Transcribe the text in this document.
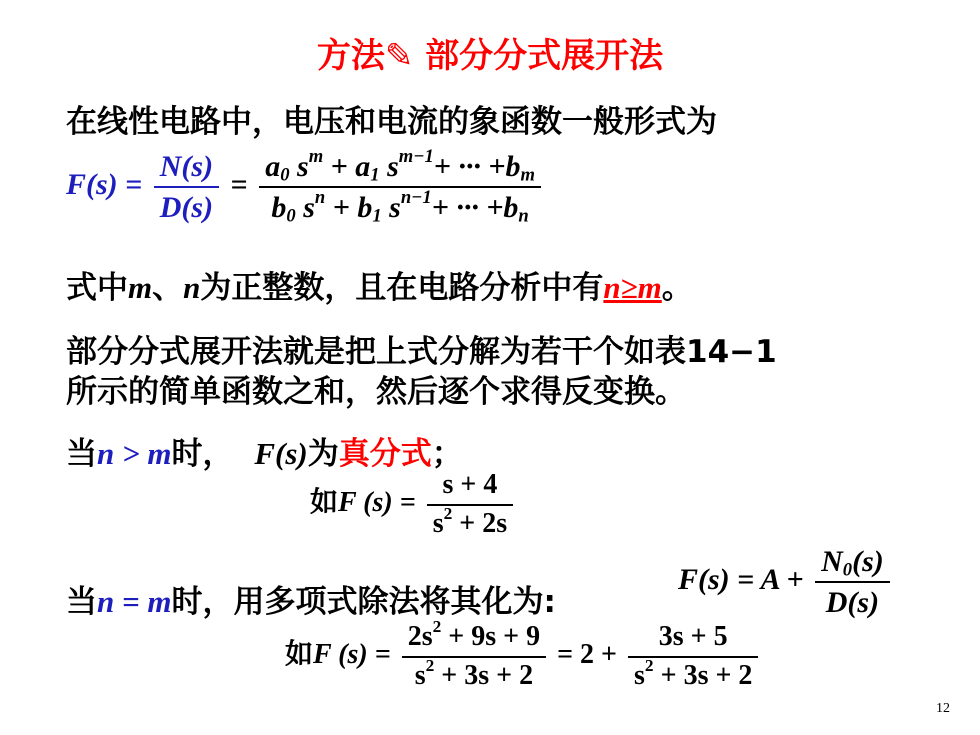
方法✎ 部分分式展开法
在线性电路中，电压和电流的象函数一般形式为
$F(s) = \frac{N(s)}{D(s)} = \frac{a_0 s^m + a_1 s^{m-1}+ \cdot\cdot\cdot +b_m}{b_0 s^n + b_1 s^{n-1}+ \cdot\cdot\cdot +b_n}$
式中m、n为正整数，且在电路分析中有n≥m。
部分分式展开法就是把上式分解为若干个如表14−1
所示的简单函数之和，然后逐个求得反变换。
当n > m时， F(s)为真分式；
如F $(s) = \frac{s + 4}{s^2 + 2s}$
当n = m时，用多项式除法将其化为:
$F(s) = A + \frac{N_0(s)}{D(s)}$
如F $(s) = \frac{2s^2 + 9s + 9}{s^2 + 3s + 2} = 2 + \frac{3s + 5}{s^2 + 3s + 2}$
12
